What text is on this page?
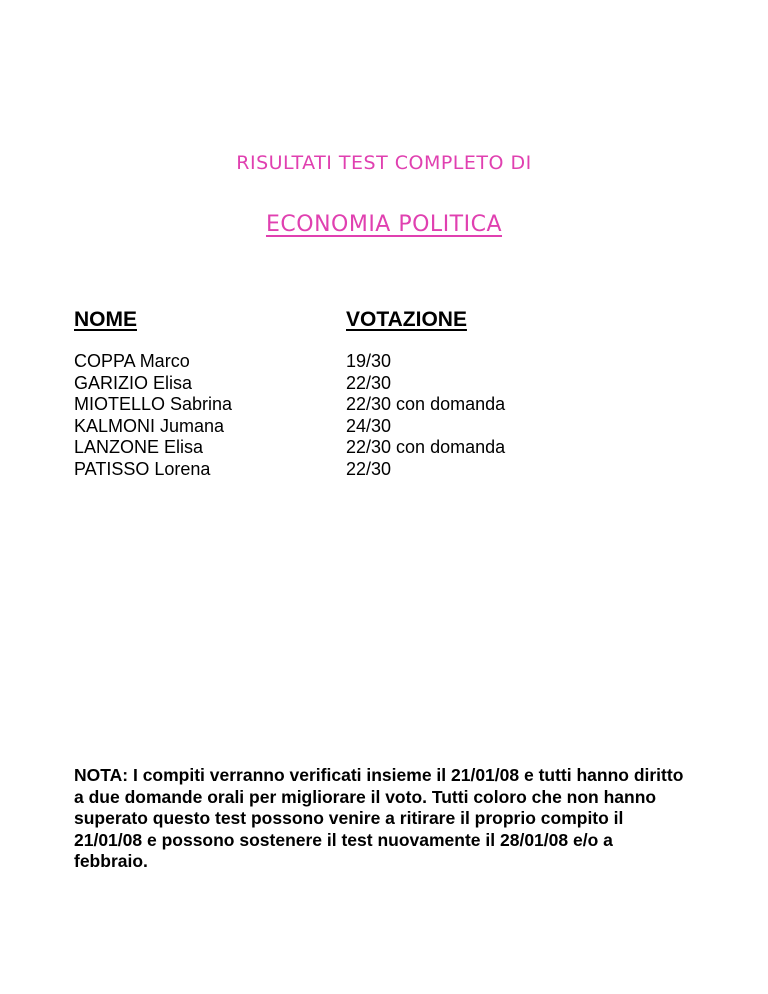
RISULTATI TEST COMPLETO DI
ECONOMIA POLITICA
NOME	VOTAZIONE
COPPA Marco	19/30
GARIZIO Elisa	22/30
MIOTELLO Sabrina	22/30 con domanda
KALMONI Jumana	24/30
LANZONE Elisa	22/30 con domanda
PATISSO Lorena	22/30
NOTA: I compiti verranno verificati insieme il 21/01/08 e tutti hanno diritto a due domande orali per migliorare il voto. Tutti coloro che non hanno superato questo test possono venire a ritirare il proprio compito il 21/01/08 e possono sostenere il test nuovamente il 28/01/08 e/o a febbraio.
